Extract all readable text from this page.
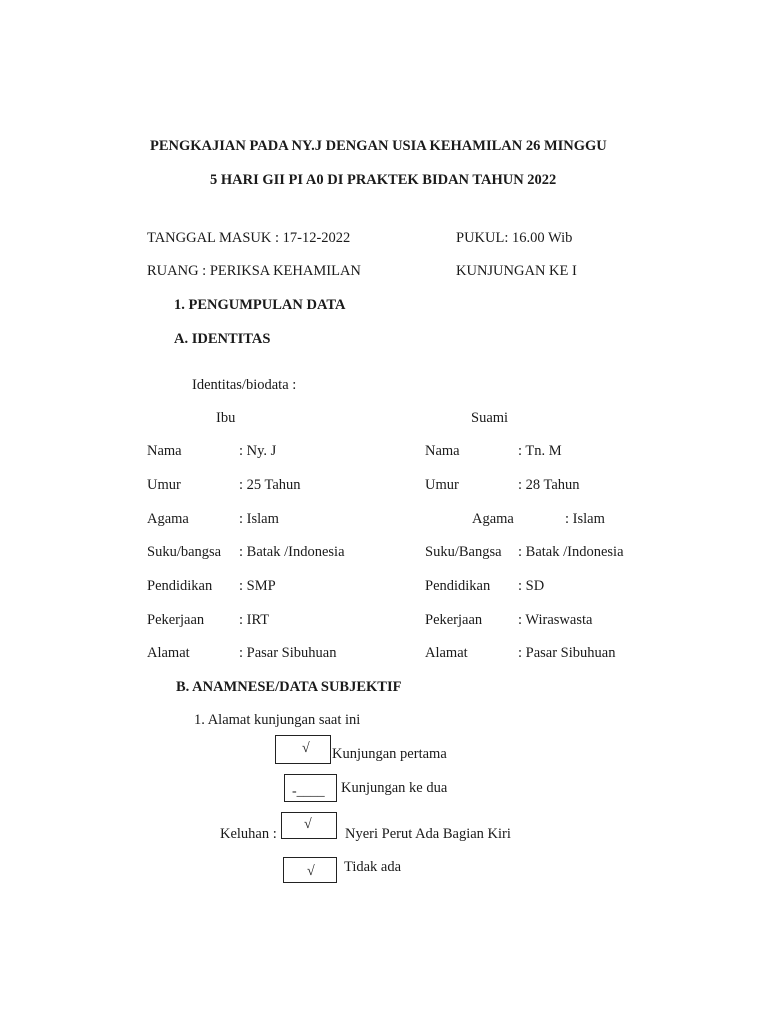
PENGKAJIAN PADA NY.J DENGAN USIA KEHAMILAN 26 MINGGU
5 HARI GII PI A0 DI PRAKTEK BIDAN TAHUN 2022
TANGGAL MASUK : 17-12-2022	PUKUL: 16.00 Wib
RUANG : PERIKSA KEHAMILAN	KUNJUNGAN KE I
1. PENGUMPULAN DATA
A. IDENTITAS
Identitas/biodata :
Ibu	Suami
Nama	: Ny. J	Nama	: Tn. M
Umur	: 25 Tahun	Umur	: 28 Tahun
Agama	: Islam	Agama	: Islam
Suku/bangsa : Batak /Indonesia	Suku/Bangsa : Batak /Indonesia
Pendidikan : SMP	Pendidikan : SD
Pekerjaan : IRT	Pekerjaan : Wiraswasta
Alamat	: Pasar Sibuhuan	Alamat	: Pasar Sibuhuan
B. ANAMNESE/DATA SUBJEKTIF
1. Alamat kunjungan saat ini
√ Kunjungan pertama
-____ Kunjungan ke dua
Keluhan :
√
Nyeri Perut Ada Bagian Kiri
√ Tidak ada
